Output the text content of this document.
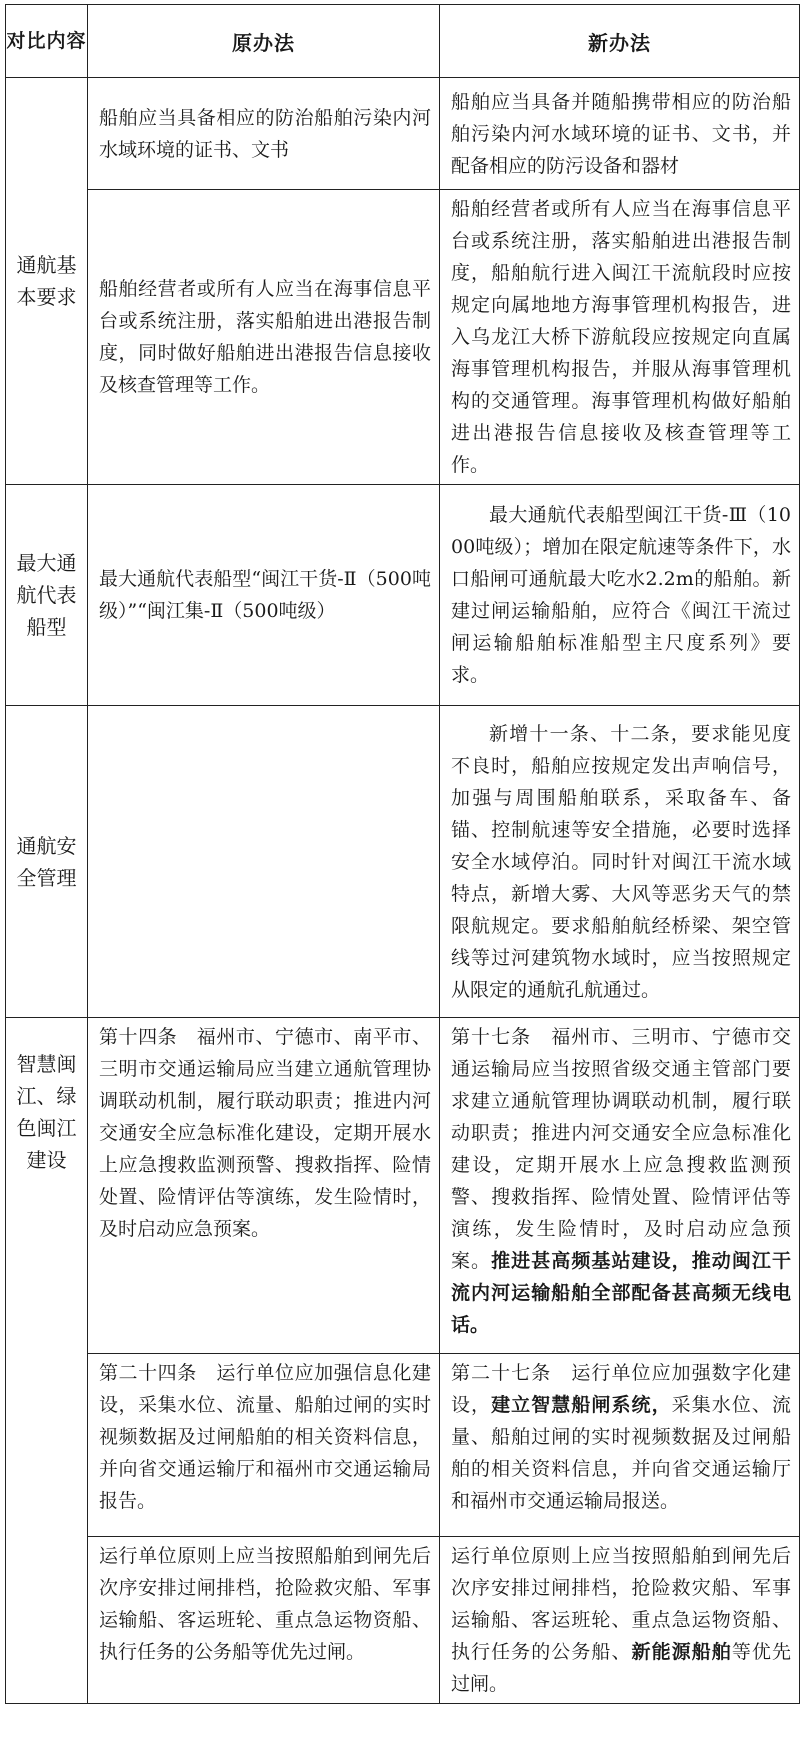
对比内容	原办法	新办法
通航基本要求	船舶应当具备相应的防治船舶污染内河水域环境的证书、文书	船舶应当具备并随船携带相应的防治船舶污染内河水域环境的证书、文书，并配备相应的防污设备和器材
	船舶经营者或所有人应当在海事信息平台或系统注册，落实船舶进出港报告制度，同时做好船舶进出港报告信息接收及核查管理等工作。	船舶经营者或所有人应当在海事信息平台或系统注册，落实船舶进出港报告制度，船舶航行进入闽江干流航段时应按规定向属地地方海事管理机构报告，进入乌龙江大桥下游航段应按规定向直属海事管理机构报告，并服从海事管理机构的交通管理。海事管理机构做好船舶进出港报告信息接收及核查管理等工作。
最大通航代表船型	最大通航代表船型“闽江干货-Ⅱ（500吨级）”“闽江集-Ⅱ（500吨级）	最大通航代表船型闽江干货-Ⅲ（1000吨级）；增加在限定航速等条件下，水口船闸可通航最大吃水2.2m的船舶。新建过闸运输船舶，应符合《闽江干流过闸运输船舶标准船型主尺度系列》要求。
通航安全管理		新增十一条、十二条，要求能见度不良时，船舶应按规定发出声响信号，加强与周围船舶联系，采取备车、备锚、控制航速等安全措施，必要时选择安全水域停泊。同时针对闽江干流水域特点，新增大雾、大风等恶劣天气的禁限航规定。要求船舶航经桥梁、架空管线等过河建筑物水域时，应当按照规定从限定的通航孔航通过。
智慧闽江、绿色闽江建设	第十四条　福州市、宁德市、南平市、三明市交通运输局应当建立通航管理协调联动机制，履行联动职责；推进内河交通安全应急标准化建设，定期开展水上应急搜救监测预警、搜救指挥、险情处置、险情评估等演练，发生险情时，及时启动应急预案。	第十七条　福州市、三明市、宁德市交通运输局应当按照省级交通主管部门要求建立通航管理协调联动机制，履行联动职责；推进内河交通安全应急标准化建设，定期开展水上应急搜救监测预警、搜救指挥、险情处置、险情评估等演练，发生险情时，及时启动应急预案。推进甚高频基站建设，推动闽江干流内河运输船舶全部配备甚高频无线电话。
	第二十四条　运行单位应加强信息化建设，采集水位、流量、船舶过闸的实时视频数据及过闸船舶的相关资料信息，并向省交通运输厅和福州市交通运输局报告。	第二十七条　运行单位应加强数字化建设，建立智慧船闸系统，采集水位、流量、船舶过闸的实时视频数据及过闸船舶的相关资料信息，并向省交通运输厅和福州市交通运输局报送。
	运行单位原则上应当按照船舶到闸先后次序安排过闸排档，抢险救灾船、军事运输船、客运班轮、重点急运物资船、执行任务的公务船等优先过闸。	运行单位原则上应当按照船舶到闸先后次序安排过闸排档，抢险救灾船、军事运输船、客运班轮、重点急运物资船、执行任务的公务船、新能源船舶等优先过闸。
